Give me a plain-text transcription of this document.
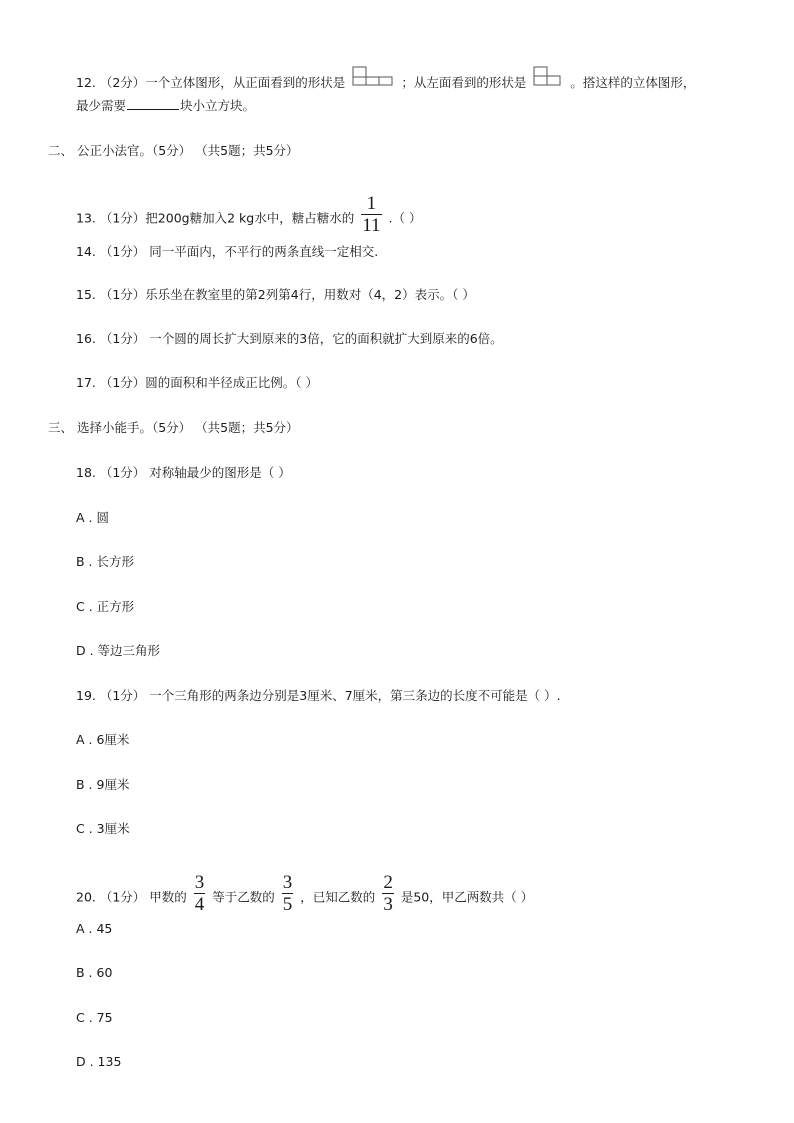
12. （2分）一个立体图形，从正面看到的形状是	；从左面看到的形状是	。搭这样的立体图形，
最少需要	块小立方块。
二、 公正小法官。（5分） （共5题；共5分）
13. （1分）把200g糖加入2 kg水中，糖占糖水的 $\frac{1}{11}$ .（ ）
14. （1分） 同一平面内，不平行的两条直线一定相交.
15. （1分）乐乐坐在教室里的第2列第4行，用数对（4，2）表示。（ ）
16. （1分） 一个圆的周长扩大到原来的3倍，它的面积就扩大到原来的6倍。
17. （1分）圆的面积和半径成正比例。（ ）
三、 选择小能手。（5分） （共5题；共5分）
18. （1分） 对称轴最少的图形是（ ）
A . 圆
B . 长方形
C . 正方形
D . 等边三角形
19. （1分） 一个三角形的两条边分别是3厘米、7厘米，第三条边的长度不可能是（ ）.
A . 6厘米
B . 9厘米
C . 3厘米
20. （1分） 甲数的 $\frac{3}{4}$ 等于乙数的 $\frac{3}{5}$ ，已知乙数的 $\frac{2}{3}$ 是50，甲乙两数共（ ）
A . 45
B . 60
C . 75
D . 135
